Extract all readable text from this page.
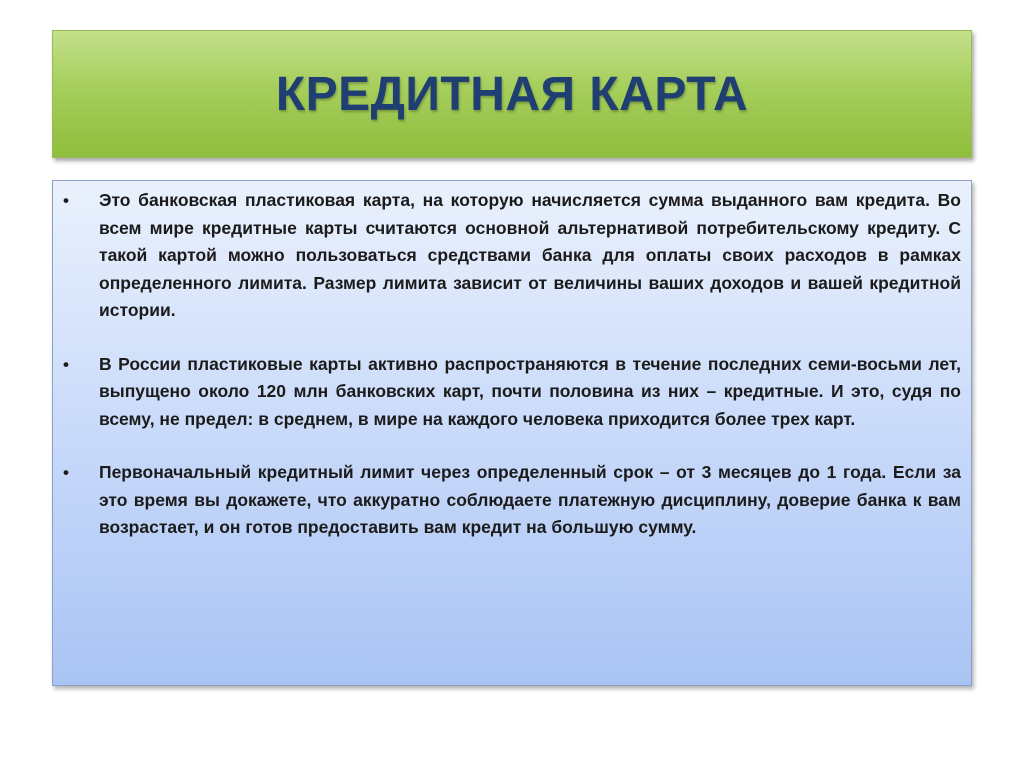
КРЕДИТНАЯ КАРТА
•	Это банковская пластиковая карта, на которую начисляется сумма выданного вам кредита. Во всем мире кредитные карты считаются основной альтернативой потребительскому кредиту. С такой картой можно пользоваться средствами банка для оплаты своих расходов в рамках определенного лимита. Размер лимита зависит от величины ваших доходов и вашей кредитной истории.
•	В России пластиковые карты активно распространяются в течение последних семи-восьми лет, выпущено около 120 млн банковских карт, почти половина из них – кредитные. И это, судя по всему, не предел: в среднем, в мире на каждого человека приходится более трех карт.
•	Первоначальный кредитный лимит через определенный срок – от 3 месяцев до 1 года. Если за это время вы докажете, что аккуратно соблюдаете платежную дисциплину, доверие банка к вам возрастает, и он готов предоставить вам кредит на большую сумму.
